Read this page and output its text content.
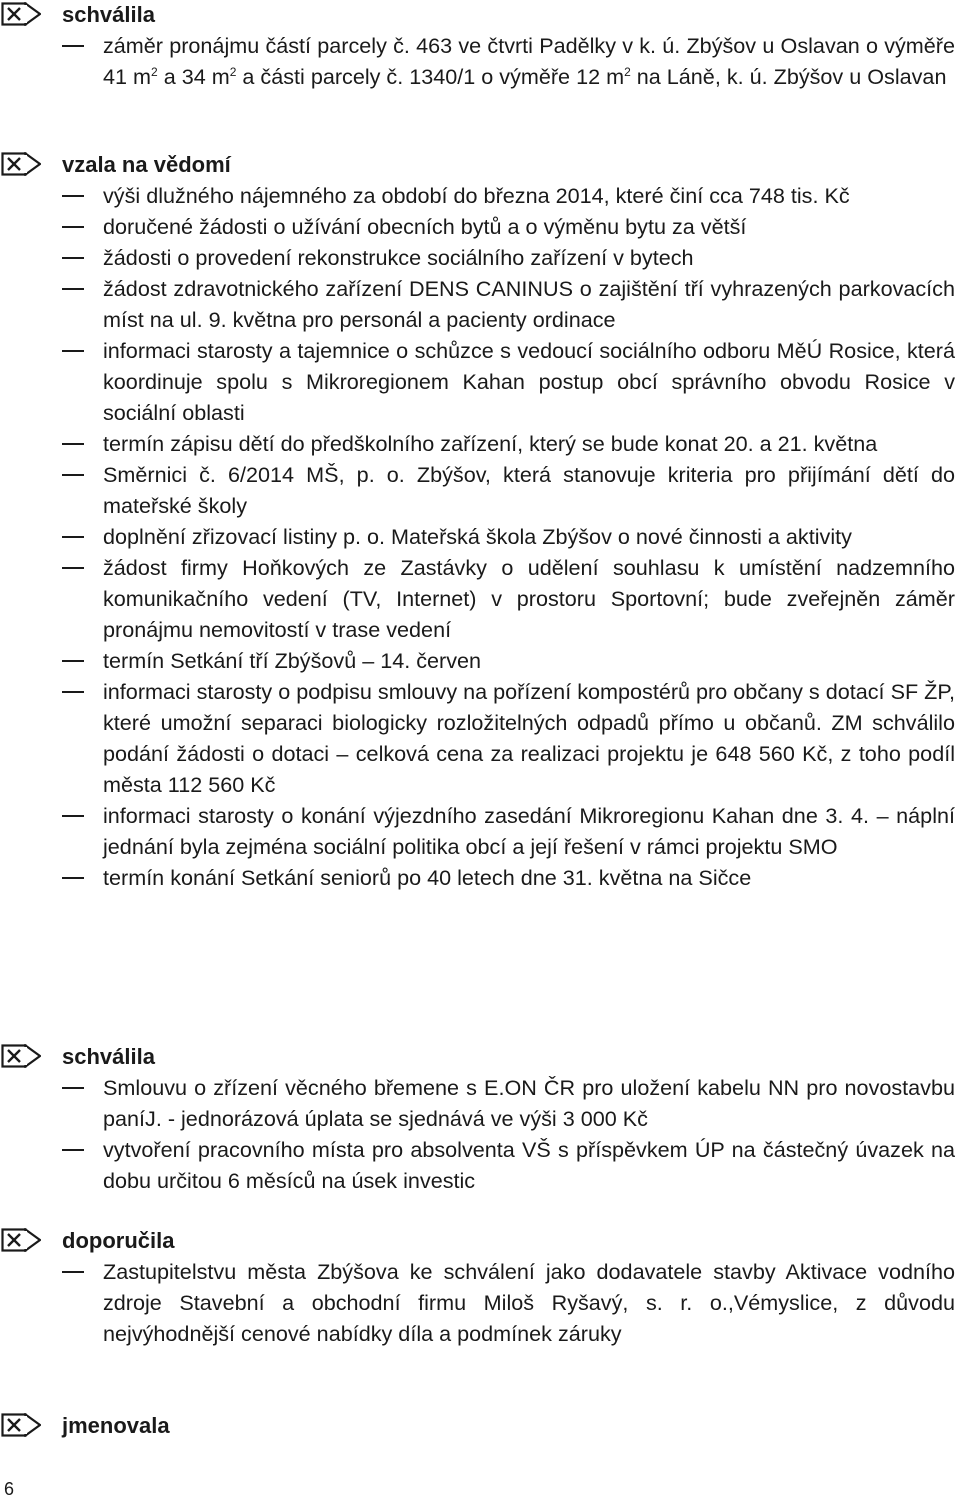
schválila
záměr pronájmu částí parcely č. 463 ve čtvrti Padělky v k. ú. Zbýšov u Oslavan o výměře 41 $m^2$ a 34 $m^2$ a části parcely č. 1340/1 o výměře 12 $m^2$ na Láně, k. ú. Zbýšov u Oslavan
vzala na vědomí
výši dlužného nájemného za období do března 2014, které činí cca 748 tis. Kč
doručené žádosti o užívání obecních bytů a o výměnu bytu za větší
žádosti o provedení rekonstrukce sociálního zařízení v bytech
žádost zdravotnického zařízení DENS CANINUS o zajištění tří vyhrazených parkovacích míst na ul. 9. května pro personál a pacienty ordinace
informaci starosty a tajemnice o schůzce s vedoucí sociálního odboru MěÚ Rosice, která koordinuje spolu s Mikroregionem Kahan postup obcí správního obvodu Rosice v sociální oblasti
termín zápisu dětí do předškolního zařízení, který se bude konat 20. a 21. května
Směrnici č. 6/2014 MŠ, p. o. Zbýšov, která stanovuje kriteria pro přijímání dětí do mateřské školy
doplnění zřizovací listiny p. o. Mateřská škola Zbýšov o nové činnosti a aktivity
žádost firmy Hoňkových ze Zastávky o udělení souhlasu k umístění nadzemního komunikačního vedení (TV, Internet) v prostoru Sportovní; bude zveřejněn záměr pronájmu nemovitostí v trase vedení
termín Setkání tří Zbýšovů – 14. červen
informaci starosty o podpisu smlouvy na pořízení kompostérů pro občany s dotací SF ŽP, které umožní separaci biologicky rozložitelných odpadů přímo u občanů. ZM schválilo podání žádosti o dotaci – celková cena za realizaci projektu je 648 560 Kč, z toho podíl města 112 560 Kč
informaci starosty o konání výjezdního zasedání Mikroregionu Kahan dne 3. 4. – náplní jednání byla zejména sociální politika obcí a její řešení v rámci projektu SMO
termín konání Setkání seniorů po 40 letech dne 31. května na Sičce
schválila
Smlouvu o zřízení věcného břemene s E.ON ČR pro uložení kabelu NN pro novostavbu paníJ. - jednorázová úplata se sjednává ve výši 3 000 Kč
vytvoření pracovního místa pro absolventa VŠ s příspěvkem ÚP na částečný úvazek na dobu určitou 6 měsíců na úsek investic
doporučila
Zastupitelstvu města Zbýšova ke schválení jako dodavatele stavby Aktivace vodního zdroje Stavební a obchodní firmu Miloš Ryšavý, s. r. o.,Vémyslice, z důvodu nejvýhodnější cenové nabídky díla a podmínek záruky
jmenovala
6
